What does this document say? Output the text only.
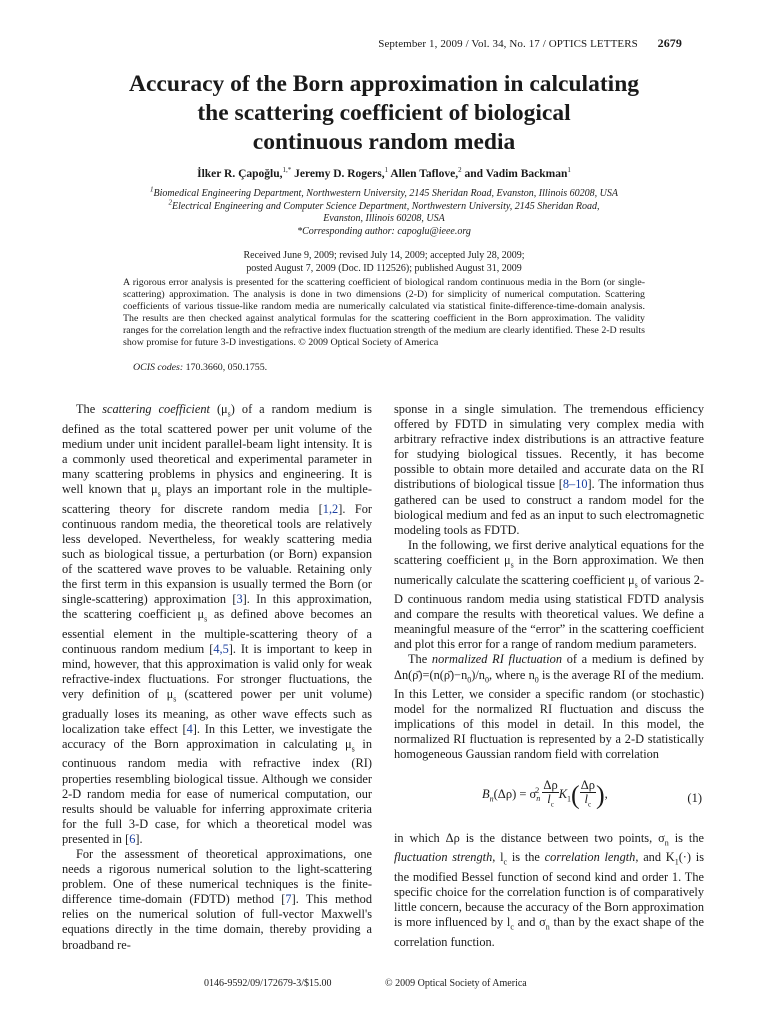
September 1, 2009 / Vol. 34, No. 17 / OPTICS LETTERS 2679
Accuracy of the Born approximation in calculating
the scattering coefficient of biological
continuous random media
İlker R. Çapoğlu,$^{1,*}$ Jeremy D. Rogers,$^1$ Allen Taflove,$^2$ and Vadim Backman$^1$
$^1$Biomedical Engineering Department, Northwestern University, 2145 Sheridan Road, Evanston, Illinois 60208, USA
$^2$Electrical Engineering and Computer Science Department, Northwestern University, 2145 Sheridan Road,
Evanston, Illinois 60208, USA
*Corresponding author: capoglu@ieee.org
Received June 9, 2009; revised July 14, 2009; accepted July 28, 2009;
posted August 7, 2009 (Doc. ID 112526); published August 31, 2009
A rigorous error analysis is presented for the scattering coefficient of biological random continuous media in the Born (or single-scattering) approximation. The analysis is done in two dimensions (2-D) for simplicity of numerical computation. Scattering coefficients of various tissue-like random media are numerically calculated via statistical finite-difference-time-domain analysis. The results are then checked against analytical formulas for the scattering coefficient in the Born approximation. The validity ranges for the correlation length and the refractive index fluctuation strength of the medium are clearly identified. These 2-D results show promise for future 3-D investigations. © 2009 Optical Society of America
OCIS codes: 170.3660, 050.1755.

The scattering coefficient $(\mu_s)$ of a random medium is defined as the total scattered power per unit volume of the medium under unit incident parallel-beam light intensity. It is a commonly used theoretical and experimental parameter in many scattering problems in physics and engineering. It is well known that $\mu_s$ plays an important role in the multiple-scattering theory for discrete random media [1,2]. For continuous random media, the theoretical tools are relatively less developed. Nevertheless, for weakly scattering media such as biological tissue, a perturbation (or Born) expansion of the scattered wave proves to be valuable. Retaining only the first term in this expansion is usually termed the Born (or single-scattering) approximation [3]. In this approximation, the scattering coefficient $\mu_s$ as defined above becomes an essential element in the multiple-scattering theory of a continuous random medium [4,5]. It is important to keep in mind, however, that this approximation is valid only for weak refractive-index fluctuations. For stronger fluctuations, the very definition of $\mu_s$ (scattered power per unit volume) gradually loses its meaning, as other wave effects such as localization take effect [4]. In this Letter, we investigate the accuracy of the Born approximation in calculating $\mu_s$ in continuous random media with refractive index (RI) properties resembling biological tissue. Although we consider 2-D random media for ease of numerical computation, our results should be valuable for inferring approximate criteria for the full 3-D case, for which a theoretical model was presented in [6].

For the assessment of theoretical approximations, one needs a rigorous numerical solution to the light-scattering problem. One of these numerical techniques is the finite-difference time-domain (FDTD) method [7]. This method relies on the numerical solution of full-vector Maxwell's equations directly in the time domain, thereby providing a broadband re-

sponse in a single simulation. The tremendous efficiency offered by FDTD in simulating very complex media with arbitrary refractive index distributions is an attractive feature for studying biological tissues. Recently, it has become possible to obtain more detailed and accurate data on the RI distributions of biological tissue [8–10]. The information thus gathered can be used to construct a random model for the biological medium and fed as an input to such electromagnetic modeling tools as FDTD.

In the following, we first derive analytical equations for the scattering coefficient $\mu_s$ in the Born approximation. We then numerically calculate the scattering coefficient $\mu_s$ of various 2-D continuous random media using statistical FDTD analysis and compare the results with theoretical values. We define a meaningful measure of the “error” in the scattering coefficient and plot this error for a range of random medium parameters.

The normalized RI fluctuation of a medium is defined by $\Delta n(\rhō)=(n(\rhō)-n_0)/n_0$, where $n_0$ is the average RI of the medium. In this Letter, we consider a specific random (or stochastic) model for the normalized RI fluctuation and discuss the implications of this model in detail. In this model, the normalized RI fluctuation is represented by a 2-D statistically homogeneous Gaussian random field with correlation

$B_n(\Delta\rho) = \sigma_n^2 \frac{\Delta\rho}{l_c} K_1( \frac{\Delta\rho}{l_c}$ ),	(1)

in which Δρ is the distance between two points, $\sigma_n$ is the fluctuation strength, $l_c$ is the correlation length, and $K_1(\cdot)$ is the modified Bessel function of second kind and order 1. The specific choice for the correlation function is of comparatively little concern, because the accuracy of the Born approximation is more influenced by $l_c$ and $\sigma_n$ than by the exact shape of the correlation function.

0146-9592/09/172679-3/$15.00	© 2009 Optical Society of America
